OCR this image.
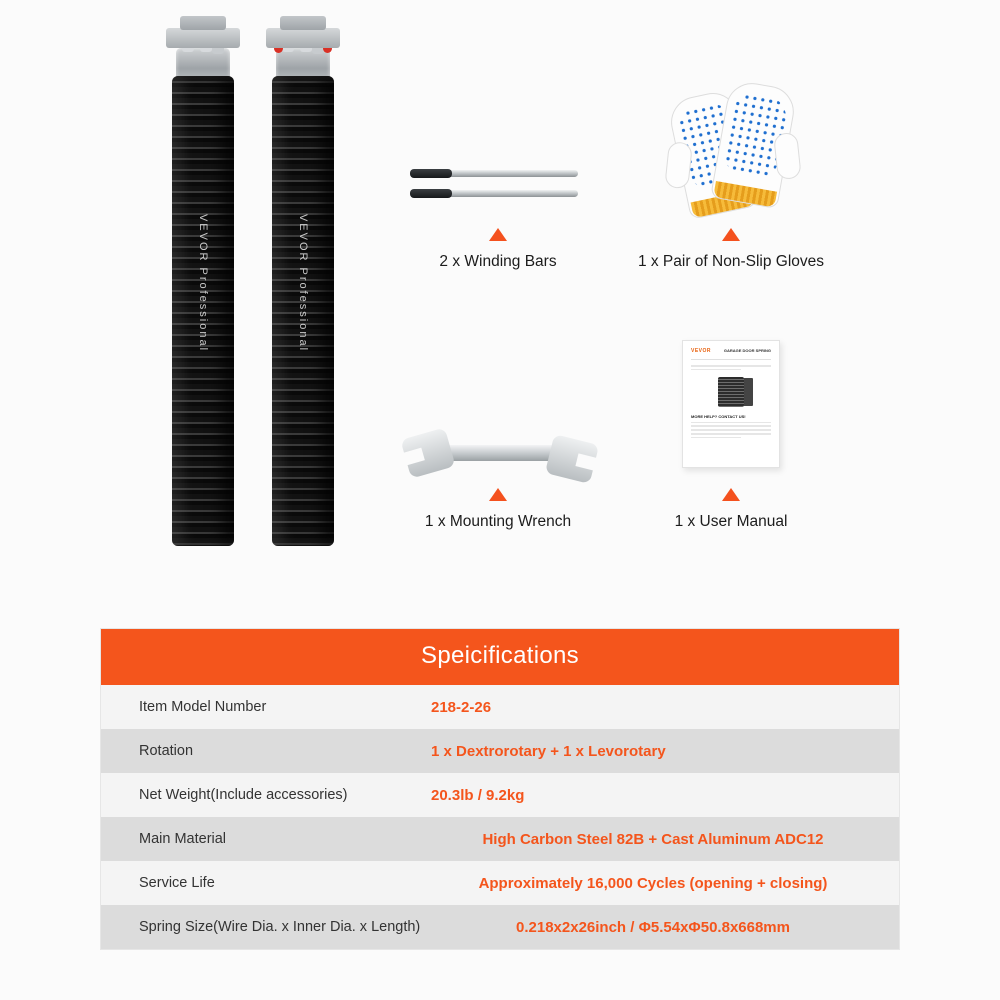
VEVOR Professional	VEVOR Professional	VEVOR	GARAGE DOOR SPRING
MORE HELP? CONTACT US!
2 x Winding Bars	1 x Pair of Non-Slip Gloves
1 x Mounting Wrench	1 x User Manual
Speicifications
Item Model Number	218-2-26
Rotation	1 x Dextrorotary + 1 x Levorotary
Net Weight(Include accessories)	20.3lb / 9.2kg
Main Material	High Carbon Steel 82B + Cast Aluminum ADC12
Service Life	Approximately 16,000 Cycles (opening + closing)
Spring Size(Wire Dia. x Inner Dia. x Length)	0.218x2x26inch / Φ5.54xΦ50.8x668mm
